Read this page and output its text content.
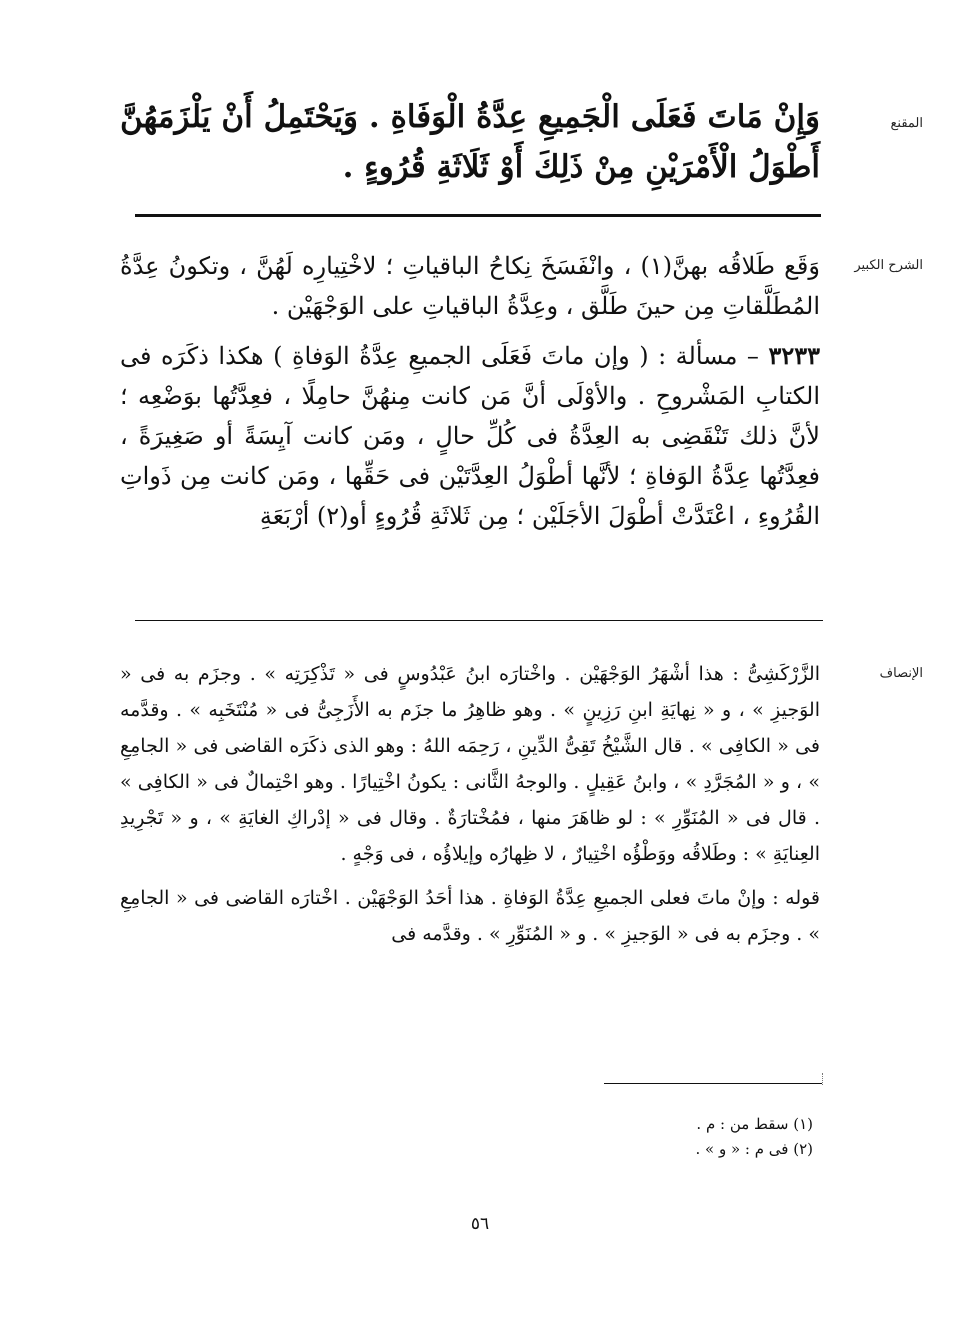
المقنع

وَإِنْ مَاتَ فَعَلَى الْجَمِيعِ عِدَّةُ الْوَفَاةِ . وَيَحْتَمِلُ أَنْ يَلْزَمَهُنَّ أَطْوَلُ الْأَمْرَيْنِ مِنْ ذَلِكَ أَوْ ثَلَاثَةِ قُرُوءٍ .

الشرح الكبير

وَقَع طَلاقُه بهنَّ(١) ، وانْفَسَخَ نِكاحُ الباقياتِ ؛ لاخْتِيارِه لَهُنَّ ، وتكونُ عِدَّةُ المُطَلَّقاتِ مِن حينَ طَلَّق ، وعِدَّةُ الباقياتِ على الوَجْهَيْن .

٣٢٣٣ – مسألة : ( وإن ماتَ فَعَلَى الجميعِ عِدَّةُ الوَفاةِ ) هكذا ذكَرَه فى الكتابِ المَشْروحِ . والأوْلَى أنَّ مَن كانت مِنهُنَّ حامِلًا ، فعِدَّتُها بوَضْعِه ؛ لأنَّ ذلك تَنْقَضِى به العِدَّةُ فى كُلِّ حالٍ ، ومَن كانت آيِسَةً أو صَغِيرَةً ، فعِدَّتُها عِدَّةُ الوَفاةِ ؛ لأنَّها أطْوَلُ العِدَّتَيْن فى حَقِّها ، ومَن كانت مِن ذَواتِ القُرُوءِ ، اعْتَدَّتْ أطْوَلَ الأجَلَيْن ؛ مِن ثَلاثَةِ قُرُوءٍ أو(٢) أرْبَعَةِ

الإنصاف

الزَّرْكَشِىُّ : هذا أشْهَرُ الوَجْهَيْن . واخْتارَه ابنُ عَبْدُوسٍ فى « تَذْكِرَتِه » . وجزَم به فى « الوَجيزِ » ، و « نِهايَةِ ابنِ رَزِينٍ » . وهو ظاهِرُ ما جزَم به الأَزَجِىُّ فى « مُنْتَخَبِه » . وقدَّمه فى « الكافِى » . قال الشَّيْخُ تَقِىُّ الدِّينِ ، رَحِمَه اللهُ : وهو الذى ذكَرَه القاضى فى « الجامِعِ » ، و « المُجَرَّدِ » ، وابنُ عَقِيلٍ . والوجهُ الثَّانى : يكونُ اخْتِيارًا . وهو احْتِمالٌ فى « الكافِى » . قال فى « المُنَوِّرِ » : لو ظاهَرَ منها ، فمُخْتارَةٌ . وقال فى « إدْراكِ الغايَةِ » ، و « تَجْرِيدِ العِنايَةِ » : وطَلاقُه ووَطْؤُه اخْتِيارٌ ، لا ظِهارُه وإيلاؤُه ، فى وَجْهٍ .

قوله : وإنْ ماتَ فعلى الجميعِ عِدَّةُ الوَفاةِ . هذا أحَدُ الوَجْهَيْن . اخْتارَه القاضى فى « الجامِعِ » . وجزَم به فى « الوَجيزِ » . و « المُنَوِّرِ » . وقدَّمه فى

(١) سقط من : م .
(٢) فى م : « و » .
٥٦
